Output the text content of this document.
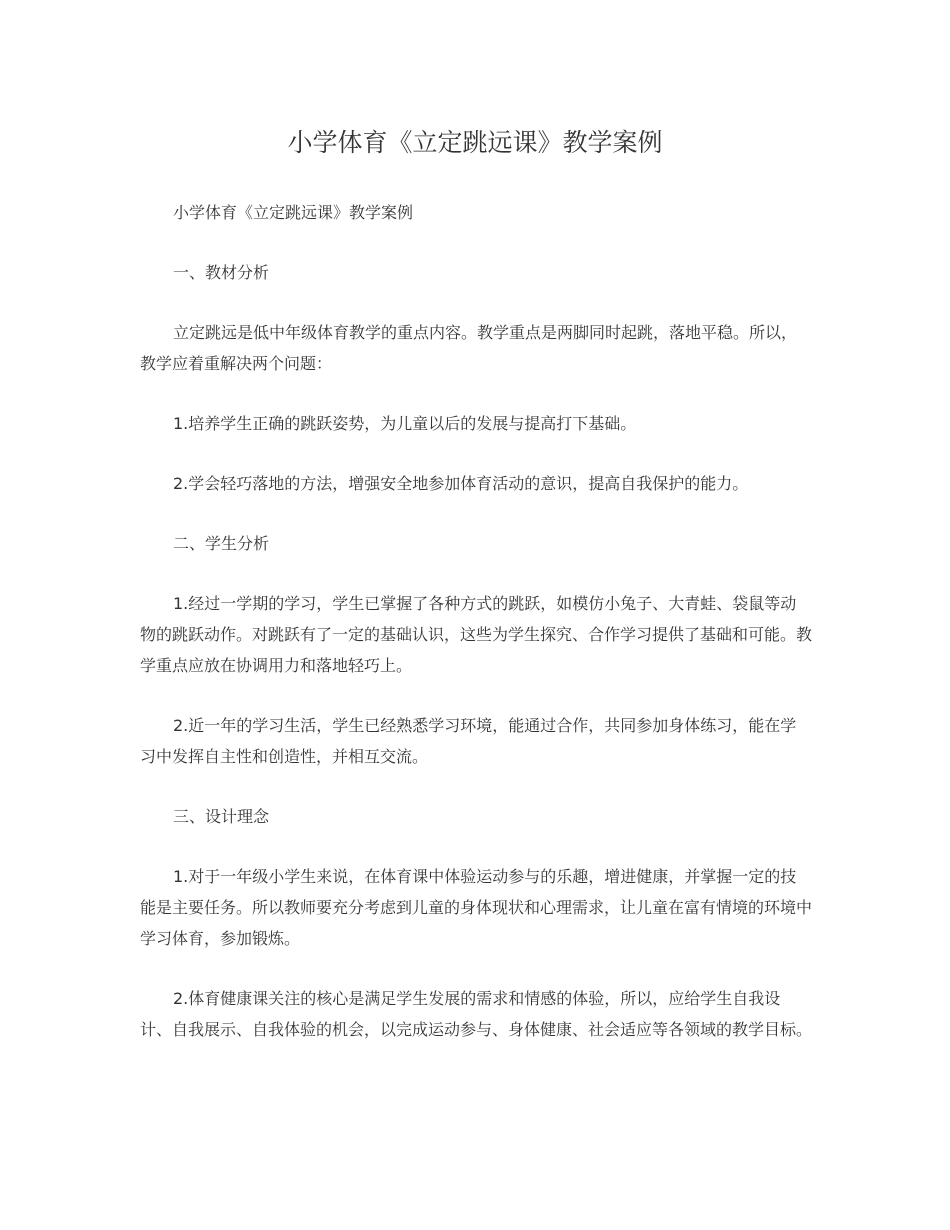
小学体育《立定跳远课》教学案例

小学体育《立定跳远课》教学案例

一、教材分析

立定跳远是低中年级体育教学的重点内容。教学重点是两脚同时起跳，落地平稳。所以，教学应着重解决两个问题：

1.培养学生正确的跳跃姿势，为儿童以后的发展与提高打下基础。

2.学会轻巧落地的方法，增强安全地参加体育活动的意识，提高自我保护的能力。

二、学生分析

1.经过一学期的学习，学生已掌握了各种方式的跳跃，如模仿小兔子、大青蛙、袋鼠等动物的跳跃动作。对跳跃有了一定的基础认识，这些为学生探究、合作学习提供了基础和可能。教学重点应放在协调用力和落地轻巧上。

2.近一年的学习生活，学生已经熟悉学习环境，能通过合作，共同参加身体练习，能在学习中发挥自主性和创造性，并相互交流。

三、设计理念

1.对于一年级小学生来说，在体育课中体验运动参与的乐趣，增进健康，并掌握一定的技能是主要任务。所以教师要充分考虑到儿童的身体现状和心理需求，让儿童在富有情境的环境中学习体育，参加锻炼。

2.体育健康课关注的核心是满足学生发展的需求和情感的体验，所以，应给学生自我设计、自我展示、自我体验的机会，以完成运动参与、身体健康、社会适应等各领域的教学目标。
